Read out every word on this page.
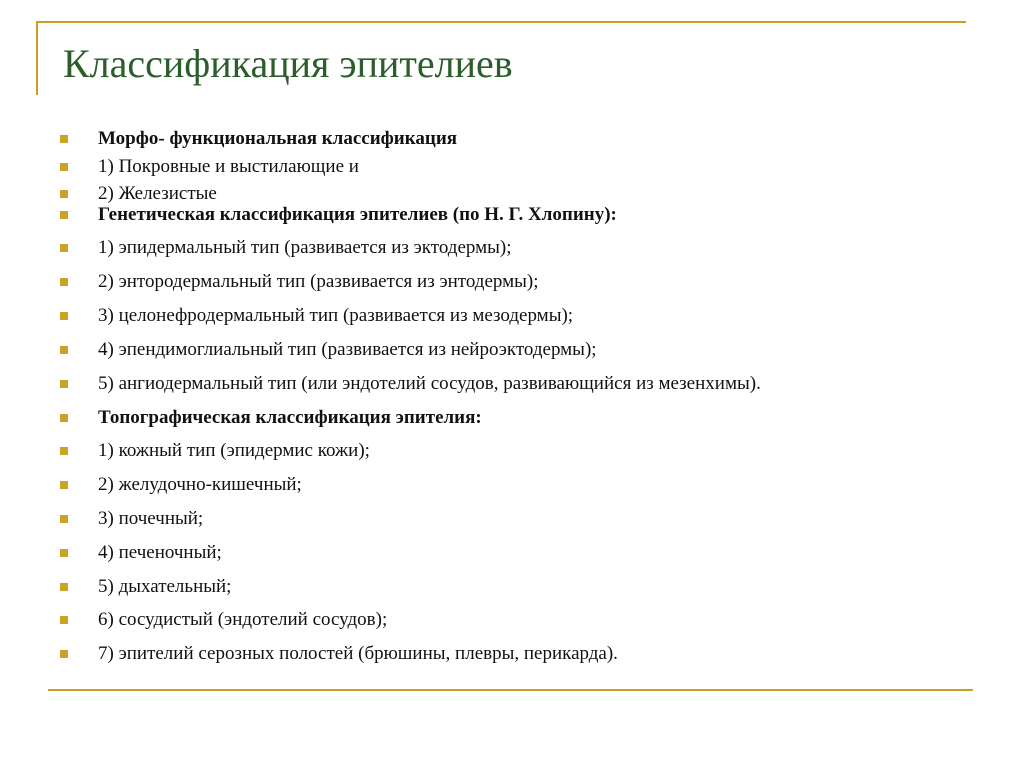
Классификация эпителиев
Морфо- функциональная классификация
1) Покровные и выстилающие и
2) Железистые
Генетическая классификация эпителиев (по Н. Г. Хлопину):
1) эпидермальный тип (развивается из эктодермы);
2) энтородермальный тип (развивается из энтодермы);
3) целонефродермальный тип (развивается из мезодермы);
4) эпендимоглиальный тип (развивается из нейроэктодермы);
5) ангиодермальный тип (или эндотелий сосудов, развивающийся из мезенхимы).
Топографическая классификация эпителия:
1) кожный тип (эпидермис кожи);
2) желудочно-кишечный;
3) почечный;
4) печеночный;
5) дыхательный;
6) сосудистый (эндотелий сосудов);
7) эпителий серозных полостей (брюшины, плевры, перикарда).
